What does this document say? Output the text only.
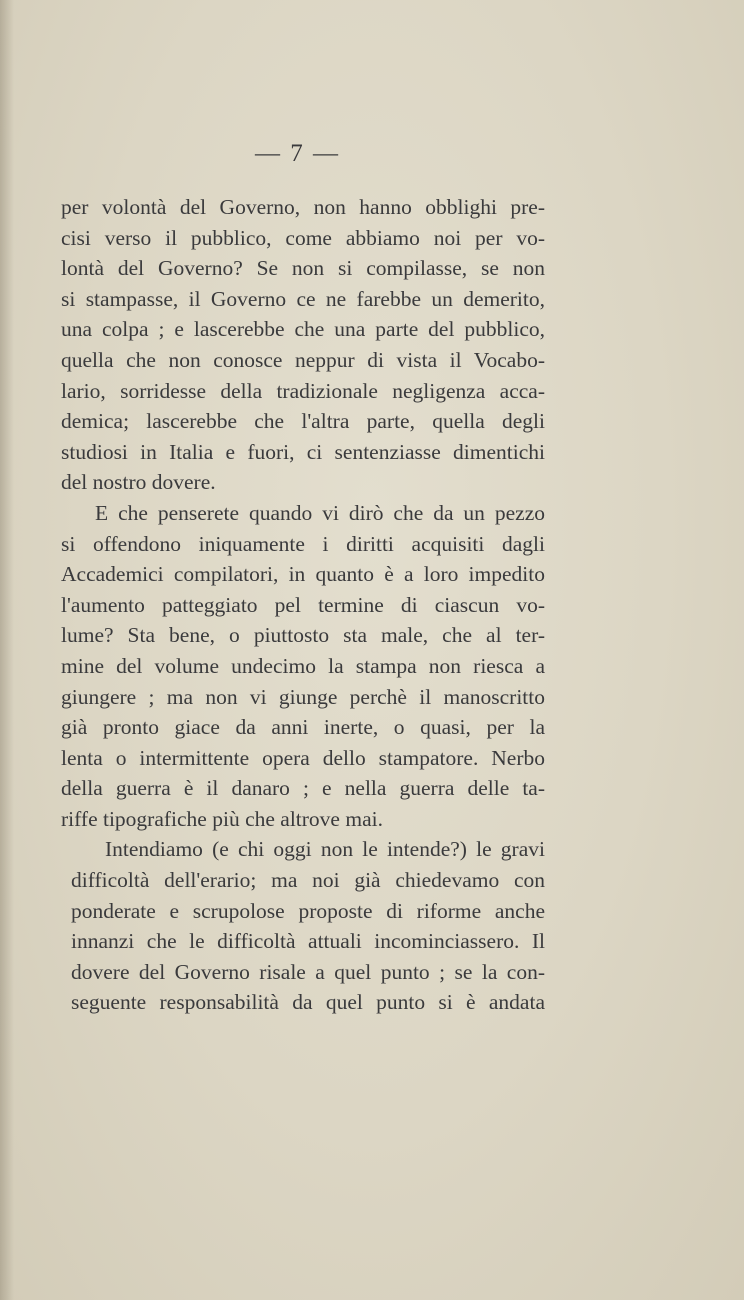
— 7 —
per volontà del Governo, non hanno obblighi pre-
cisi verso il pubblico, come abbiamo noi per vo-
lontà del Governo? Se non si compilasse, se non
si stampasse, il Governo ce ne farebbe un demerito,
una colpa ; e lascerebbe che una parte del pubblico,
quella che non conosce neppur di vista il Vocabo-
lario, sorridesse della tradizionale negligenza acca-
demica; lascerebbe che l'altra parte, quella degli
studiosi in Italia e fuori, ci sentenziasse dimentichi
del nostro dovere.
E che penserete quando vi dirò che da un pezzo
si offendono iniquamente i diritti acquisiti dagli
Accademici compilatori, in quanto è a loro impedito
l'aumento patteggiato pel termine di ciascun vo-
lume? Sta bene, o piuttosto sta male, che al ter-
mine del volume undecimo la stampa non riesca a
giungere ; ma non vi giunge perchè il manoscritto
già pronto giace da anni inerte, o quasi, per la
lenta o intermittente opera dello stampatore. Nerbo
della guerra è il danaro ; e nella guerra delle ta-
riffe tipografiche più che altrove mai.
Intendiamo (e chi oggi non le intende?) le gravi
difficoltà dell'erario; ma noi già chiedevamo con
ponderate e scrupolose proposte di riforme anche
innanzi che le difficoltà attuali incominciassero. Il
dovere del Governo risale a quel punto ; se la con-
seguente responsabilità da quel punto si è andata
